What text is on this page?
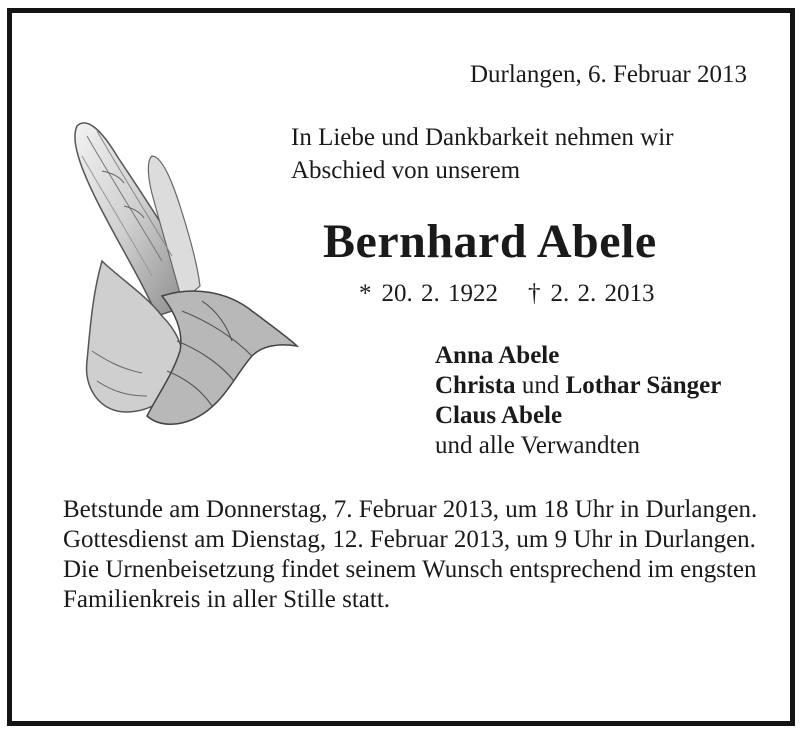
Durlangen, 6. Februar 2013
In Liebe und Dankbarkeit nehmen wir
Abschied von unserem
Bernhard Abele
* 20. 2. 1922 † 2. 2. 2013
Anna Abele
Christa und Lothar Sänger
Claus Abele
und alle Verwandten

Betstunde am Donnerstag, 7. Februar 2013, um 18 Uhr in Durlangen.

Gottesdienst am Dienstag, 12. Februar 2013, um 9 Uhr in Durlangen.

Die Urnenbeisetzung findet seinem Wunsch entsprechend im engsten Familienkreis in aller Stille statt.
